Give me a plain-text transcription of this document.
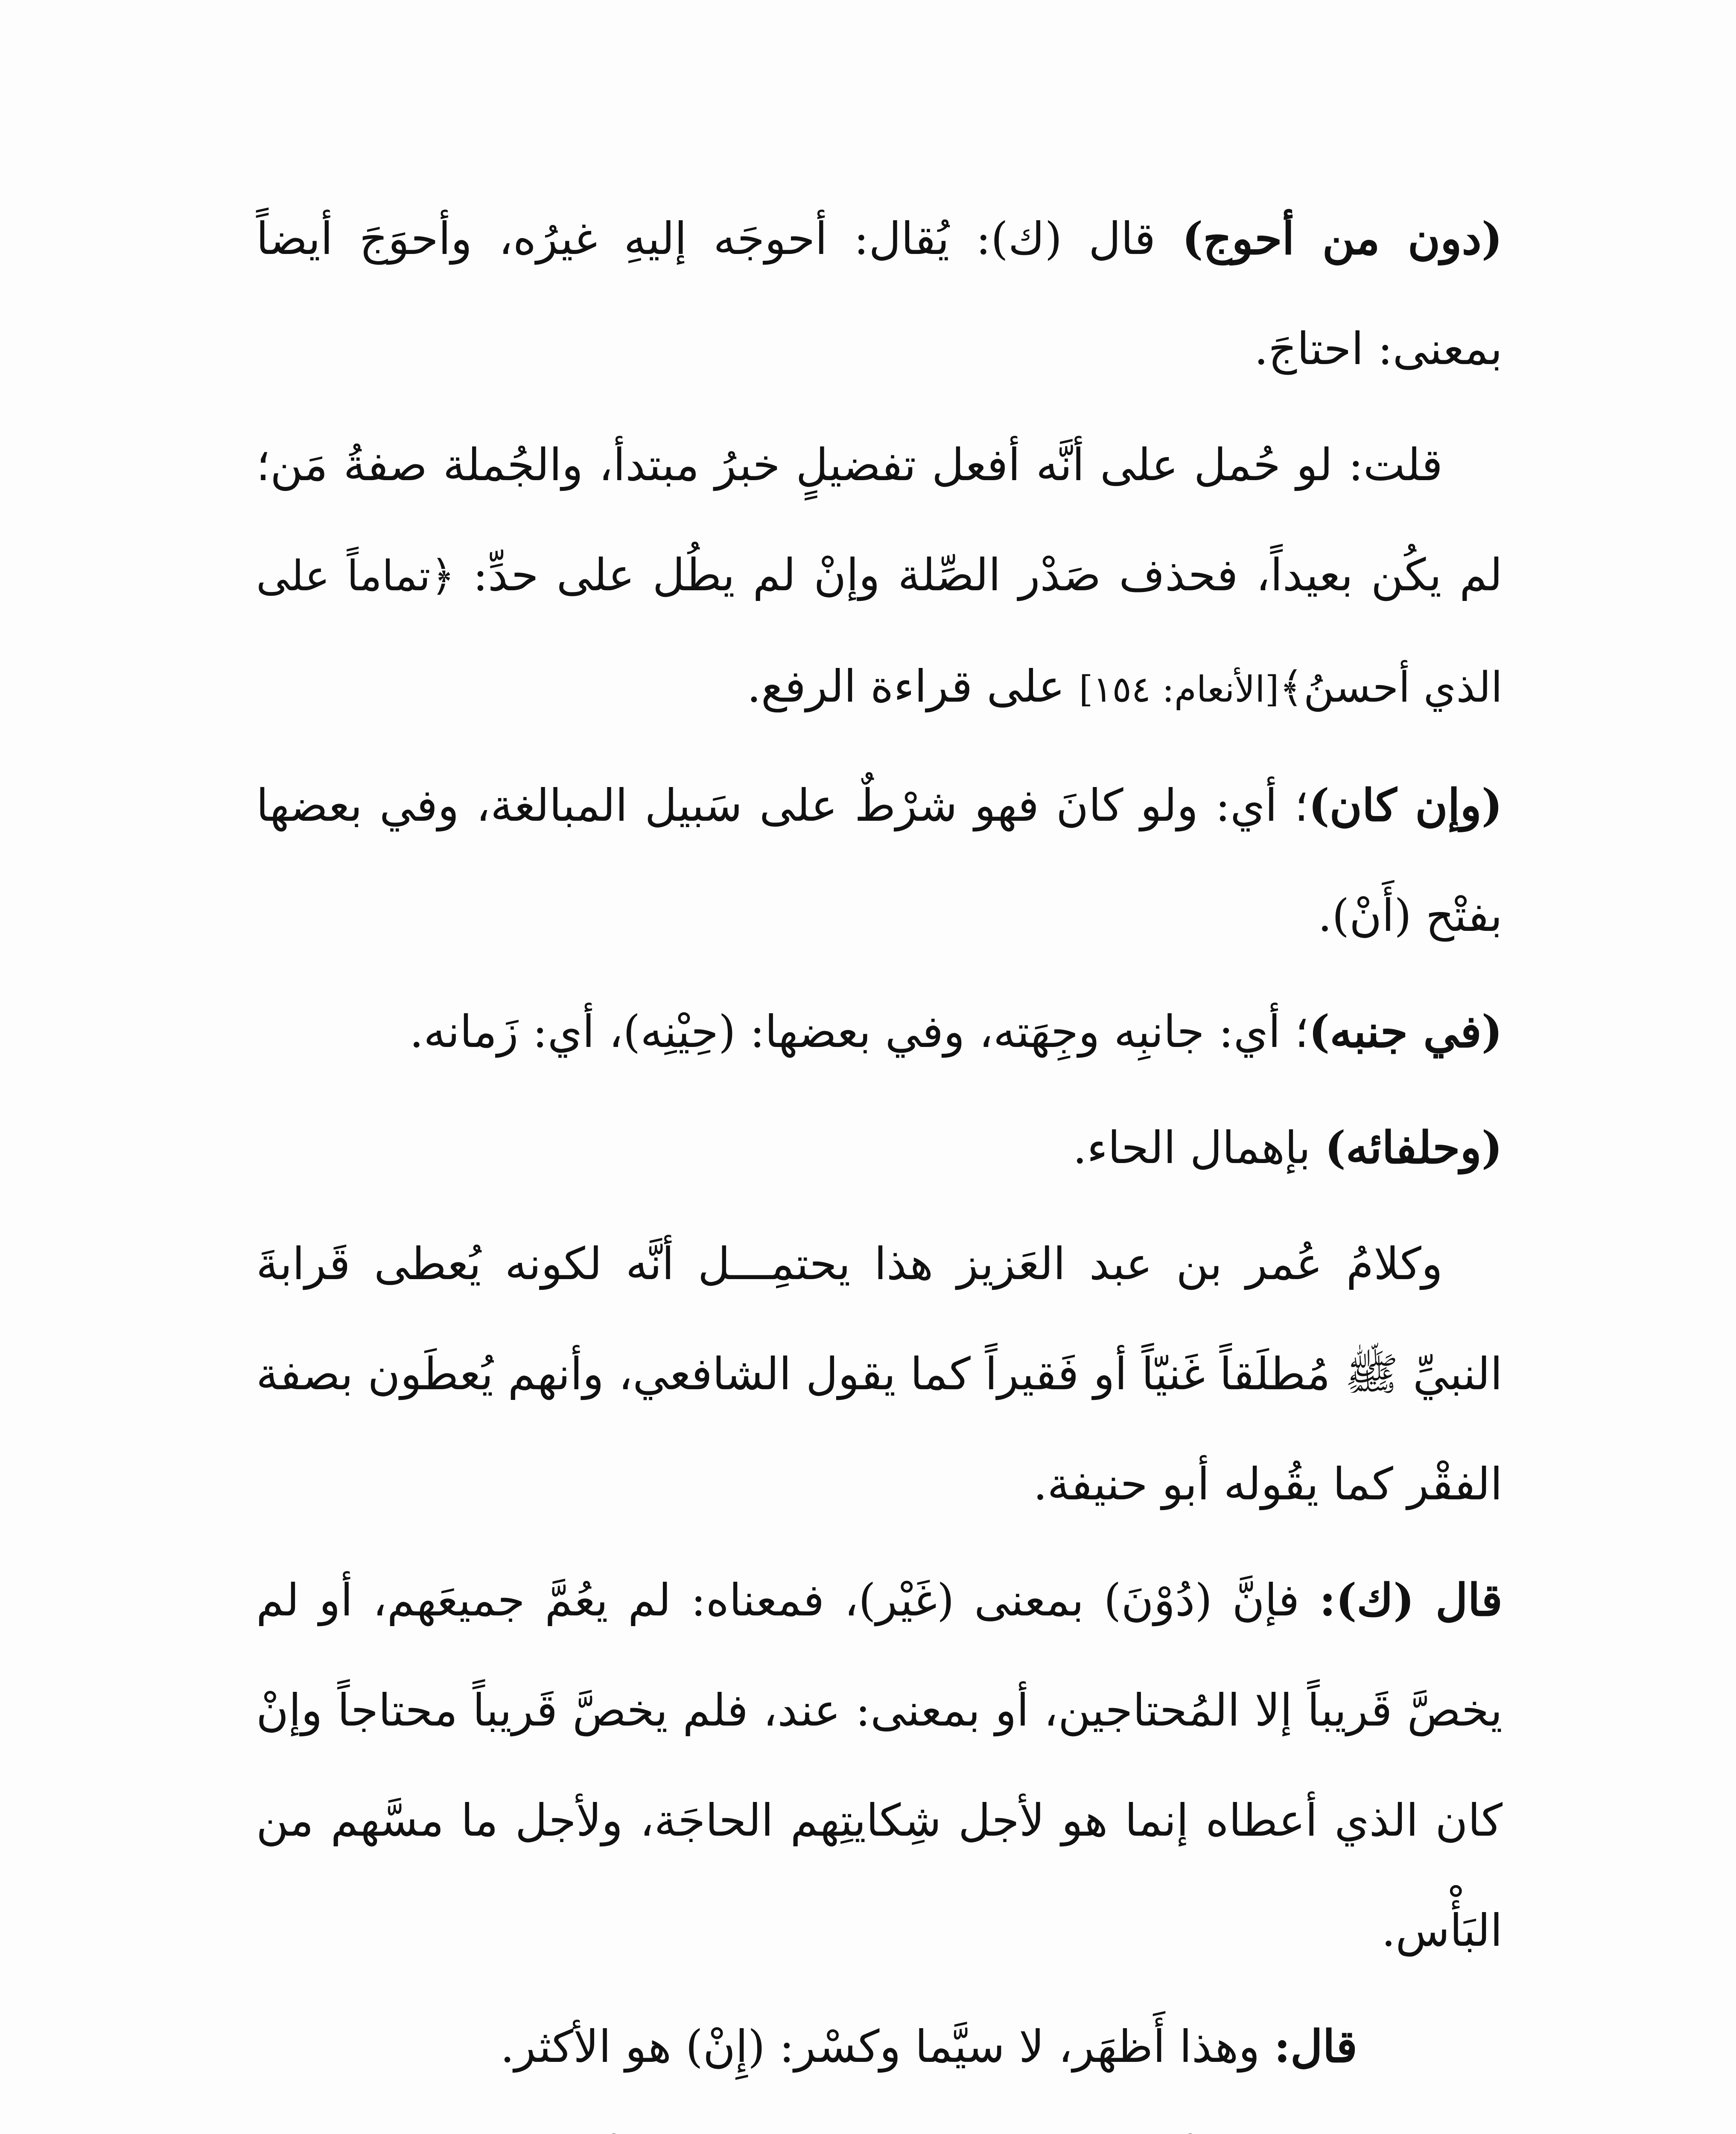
(دون من أحوج) قال (ك): يُقال: أحوجَه إليهِ غيرُه، وأحوَجَ أيضاً بمعنى: احتاجَ.

قلت: لو حُمل على أنَّه أفعل تفضيلٍ خبرُ مبتدأ، والجُملة صفةُ مَن؛ لم يكُن بعيداً، فحذف صَدْر الصِّلة وإنْ لم يطُل على حدِّ: ﴿تماماً على الذي أحسنُ﴾[الأنعام: ١٥٤] على قراءة الرفع.

(وإن كان)؛ أي: ولو كانَ فهو شرْطٌ على سَبيل المبالغة، وفي بعضها بفتْح (أَنْ).

(في جنبه)؛ أي: جانبِه وجِهَته، وفي بعضها: (حِيْنِه)، أي: زَمانه.

(وحلفائه) بإهمال الحاء.

وكلامُ عُمر بن عبد العَزيز هذا يحتمِـــل أنَّه لكونه يُعطى قَرابةَ النبيِّ ﷺ مُطلَقاً غَنيّاً أو فَقيراً كما يقول الشافعي، وأنهم يُعطَون بصفة الفقْر كما يقُوله أبو حنيفة.

قال (ك): فإنَّ (دُوْنَ) بمعنى (غَيْر)، فمعناه: لم يعُمَّ جميعَهم، أو لم يخصَّ قَريباً إلا المُحتاجين، أو بمعنى: عند، فلم يخصَّ قَريباً محتاجاً وإنْ كان الذي أعطاه إنما هو لأجل شِكايتِهم الحاجَة، ولأجل ما مسَّهم من البَأْس.

قال: وهذا أَظهَر، لا سيَّما وكسْر: (إِنْ) هو الأكثر.
